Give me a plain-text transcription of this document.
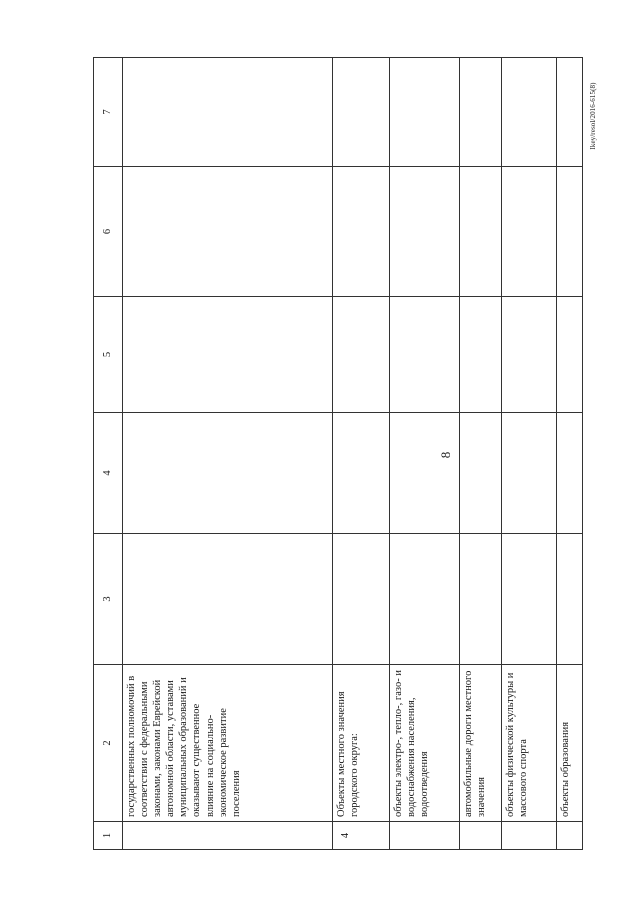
8
Ikey/resol/2016-615(8)
1	2	3	4	5	6	7

	государственных полномочий в соответствии с федеральными законами, законами Еврейской автономной области, уставами муниципальных образований и оказывают существенное влияние на социально-экономическое развитие поселения					

4	Объекты местного значения городского округа:					

	объекты электро-, тепло-, газо- и водоснабжения населения, водоотведения					

	автомобильные дороги местного значения					

	объекты физической культуры и массового спорта					

	объекты образования					
